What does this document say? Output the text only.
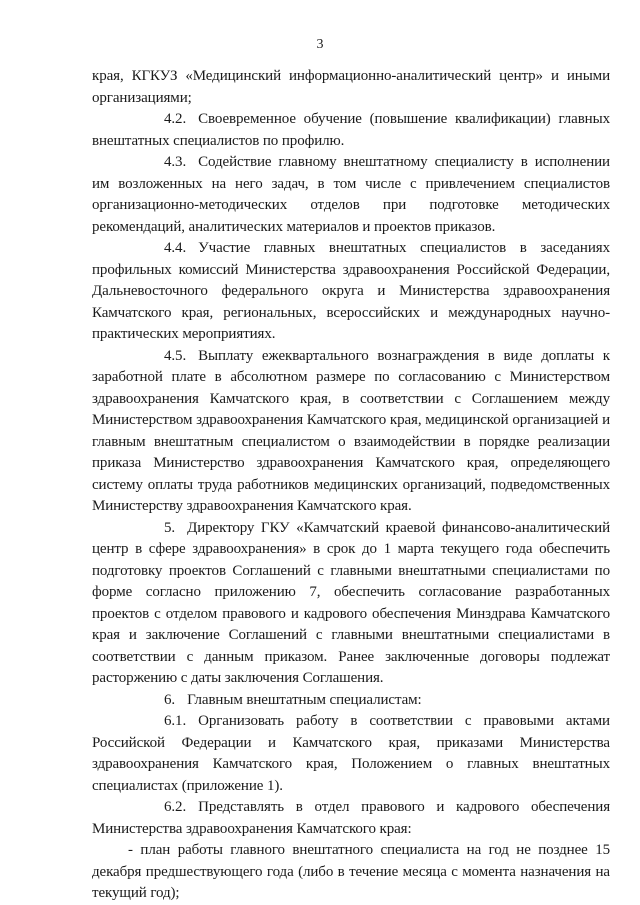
3

края, КГКУЗ «Медицинский информационно-аналитический центр» и иными организациями;

4.2. Своевременное обучение (повышение квалификации) главных внештатных специалистов по профилю.

4.3. Содействие главному внештатному специалисту в исполнении им возложенных на него задач, в том числе с привлечением специалистов организационно-методических отделов при подготовке методических рекомендаций, аналитических материалов и проектов приказов.

4.4. Участие главных внештатных специалистов в заседаниях профильных комиссий Министерства здравоохранения Российской Федерации, Дальневосточного федерального округа и Министерства здравоохранения Камчатского края, региональных, всероссийских и международных научно-практических мероприятиях.

4.5. Выплату ежеквартального вознаграждения в виде доплаты к заработной плате в абсолютном размере по согласованию с Министерством здравоохранения Камчатского края, в соответствии с Соглашением между Министерством здравоохранения Камчатского края, медицинской организацией и главным внештатным специалистом о взаимодействии в порядке реализации приказа Министерство здравоохранения Камчатского края, определяющего систему оплаты труда работников медицинских организаций, подведомственных Министерству здравоохранения Камчатского края.

5. Директору ГКУ «Камчатский краевой финансово-аналитический центр в сфере здравоохранения» в срок до 1 марта текущего года обеспечить подготовку проектов Соглашений с главными внештатными специалистами по форме согласно приложению 7, обеспечить согласование разработанных проектов с отделом правового и кадрового обеспечения Минздрава Камчатского края и заключение Соглашений с главными внештатными специалистами в соответствии с данным приказом. Ранее заключенные договоры подлежат расторжению с даты заключения Соглашения.

6. Главным внештатным специалистам:

6.1. Организовать работу в соответствии с правовыми актами Российской Федерации и Камчатского края, приказами Министерства здравоохранения Камчатского края, Положением о главных внештатных специалистах (приложение 1).

6.2. Представлять в отдел правового и кадрового обеспечения Министерства здравоохранения Камчатского края:

- план работы главного внештатного специалиста на год не позднее 15 декабря предшествующего года (либо в течение месяца с момента назначения на текущий год);
